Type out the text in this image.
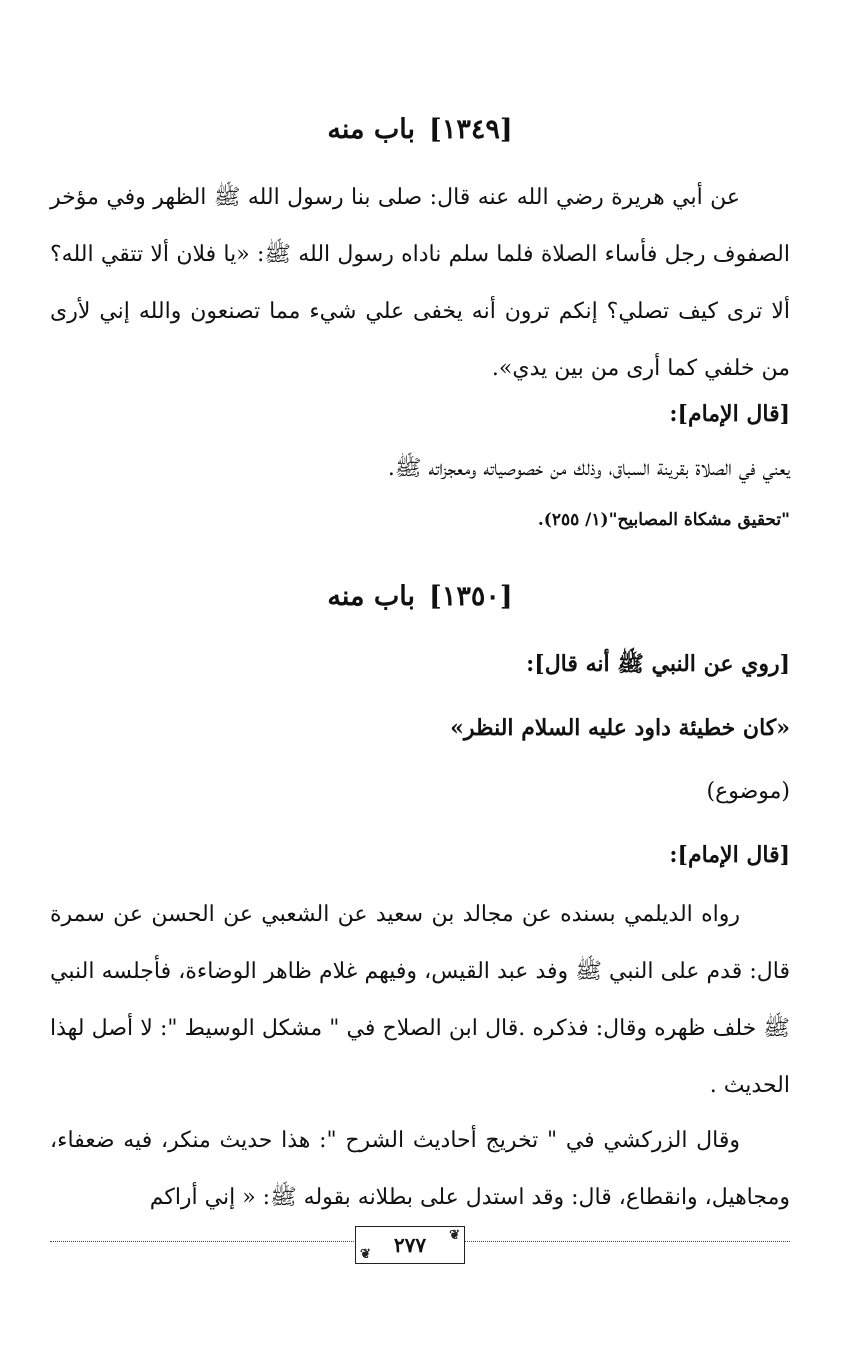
[١٣٤٩]باب منه

عن أبي هريرة رضي الله عنه قال: صلى بنا رسول الله ﷺ الظهر وفي مؤخر الصفوف رجل فأساء الصلاة فلما سلم ناداه رسول الله ﷺ: «يا فلان ألا تتقي الله؟ ألا ترى كيف تصلي؟ إنكم ترون أنه يخفى علي شيء مما تصنعون والله إني لأرى من خلفي كما أرى من بين يدي».

[قال الإمام]:

يعني في الصلاة بقرينة السباق، وذلك من خصوصياته ومعجزاته ﷺ.

"تحقيق مشكاة المصابيح"(١/ ٢٥٥).

[١٣٥٠]باب منه

[روي عن النبي ﷺ أنه قال]:

«كان خطيئة داود عليه السلام النظر»

(موضوع)

[قال الإمام]:

رواه الديلمي بسنده عن مجالد بن سعيد عن الشعبي عن الحسن عن سمرة قال: قدم على النبي ﷺ وفد عبد القيس، وفيهم غلام ظاهر الوضاءة، فأجلسه النبي ﷺ خلف ظهره وقال: فذكره .قال ابن الصلاح في " مشكل الوسيط ": لا أصل لهذا الحديث .

وقال الزركشي في " تخريج أحاديث الشرح ": هذا حديث منكر، فيه ضعفاء، ومجاهيل، وانقطاع، قال: وقد استدل على بطلانه بقوله ﷺ: « إني أراكم

❦
٢٧٧
❦
